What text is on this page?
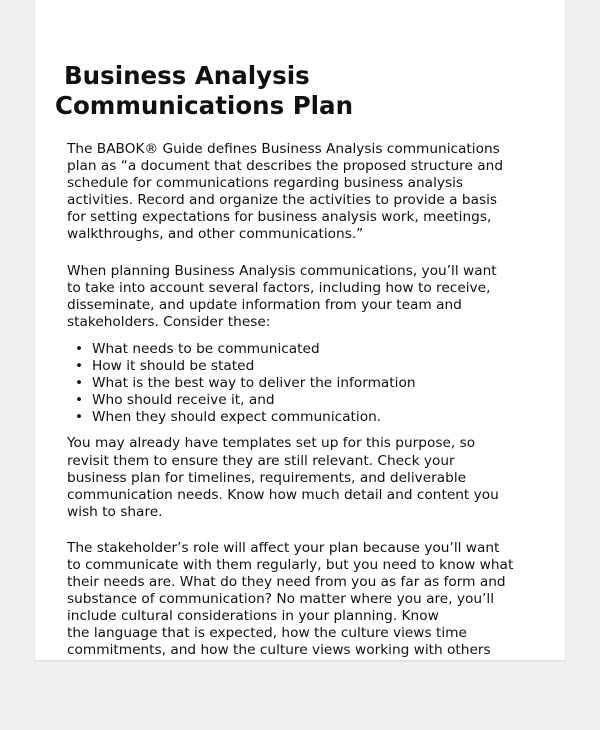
Business Analysis
Communications Plan

The BABOK® Guide defines Business Analysis communications
plan as “a document that describes the proposed structure and
schedule for communications regarding business analysis
activities. Record and organize the activities to provide a basis
for setting expectations for business analysis work, meetings,
walkthroughs, and other communications.”

When planning Business Analysis communications, you’ll want
to take into account several factors, including how to receive,
disseminate, and update information from your team and
stakeholders. Consider these:

• What needs to be communicated
• How it should be stated
• What is the best way to deliver the information
• Who should receive it, and
• When they should expect communication.

You may already have templates set up for this purpose, so
revisit them to ensure they are still relevant. Check your
business plan for timelines, requirements, and deliverable
communication needs. Know how much detail and content you
wish to share.

The stakeholder’s role will affect your plan because you’ll want
to communicate with them regularly, but you need to know what
their needs are. What do they need from you as far as form and
substance of communication? No matter where you are, you’ll
include cultural considerations in your planning. Know
the language that is expected, how the culture views time
commitments, and how the culture views working with others
